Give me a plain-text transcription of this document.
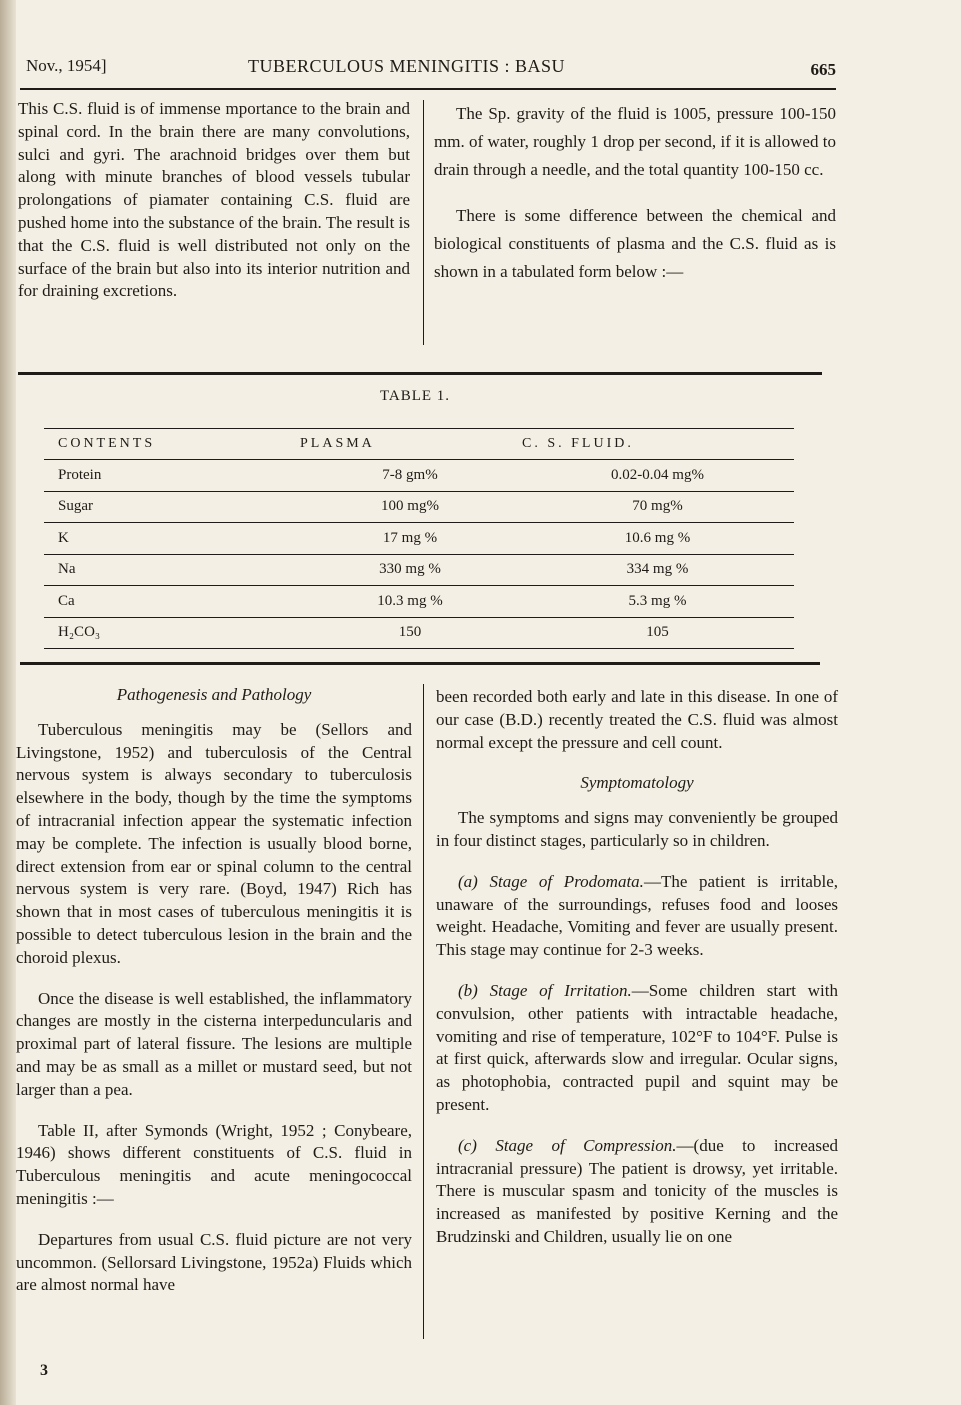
Nov., 1954]	TUBERCULOUS MENINGITIS : BASU	665

This C.S. fluid is of immense mportance to the brain and spinal cord. In the brain there are many convolutions, sulci and gyri. The arachnoid bridges over them but along with minute branches of blood vessels tubular prolongations of piamater containing C.S. fluid are pushed home into the substance of the brain. The result is that the C.S. fluid is well distributed not only on the surface of the brain but also into its interior nutrition and for draining excretions.

The Sp. gravity of the fluid is 1005, pressure 100-150 mm. of water, roughly 1 drop per second, if it is allowed to drain through a needle, and the total quantity 100-150 cc.

There is some difference between the chemical and biological constituents of plasma and the C.S. fluid as is shown in a tabulated form below :—

TABLE 1.
CONTENTS	PLASMA	C. S. FLUID.
Protein	7-8 gm%	0.02-0.04 mg%
Sugar	100 mg%	70 mg%
K	17 mg %	10.6 mg %
Na	330 mg %	334 mg %
Ca	10.3 mg %	5.3 mg %
H₂CO₃	150	105
Pathogenesis and Pathology

Tuberculous meningitis may be (Sellors and Livingstone, 1952) and tuberculosis of the Central nervous system is always secondary to tuberculosis elsewhere in the body, though by the time the symptoms of intracranial infection appear the systematic infection may be complete. The infection is usually blood borne, direct extension from ear or spinal column to the central nervous system is very rare. (Boyd, 1947) Rich has shown that in most cases of tuberculous meningitis it is possible to detect tuberculous lesion in the brain and the choroid plexus.

Once the disease is well established, the inflammatory changes are mostly in the cisterna interpeduncularis and proximal part of lateral fissure. The lesions are multiple and may be as small as a millet or mustard seed, but not larger than a pea.

Table II, after Symonds (Wright, 1952 ; Conybeare, 1946) shows different constituents of C.S. fluid in Tuberculous meningitis and acute meningococcal meningitis :—

Departures from usual C.S. fluid picture are not very uncommon. (Sellorsard Livingstone, 1952a) Fluids which are almost normal have

been recorded both early and late in this disease. In one of our case (B.D.) recently treated the C.S. fluid was almost normal except the pressure and cell count.

Symptomatology

The symptoms and signs may conveniently be grouped in four distinct stages, particularly so in children.

(a) Stage of Prodomata.—The patient is irritable, unaware of the surroundings, refuses food and looses weight. Headache, Vomiting and fever are usually present. This stage may continue for 2-3 weeks.

(b) Stage of Irritation.—Some children start with convulsion, other patients with intractable headache, vomiting and rise of temperature, 102°F to 104°F. Pulse is at first quick, afterwards slow and irregular. Ocular signs, as photophobia, contracted pupil and squint may be present.

(c) Stage of Compression.—(due to increased intracranial pressure) The patient is drowsy, yet irritable. There is muscular spasm and tonicity of the muscles is increased as manifested by positive Kerning and the Brudzinski and Children, usually lie on one

3
